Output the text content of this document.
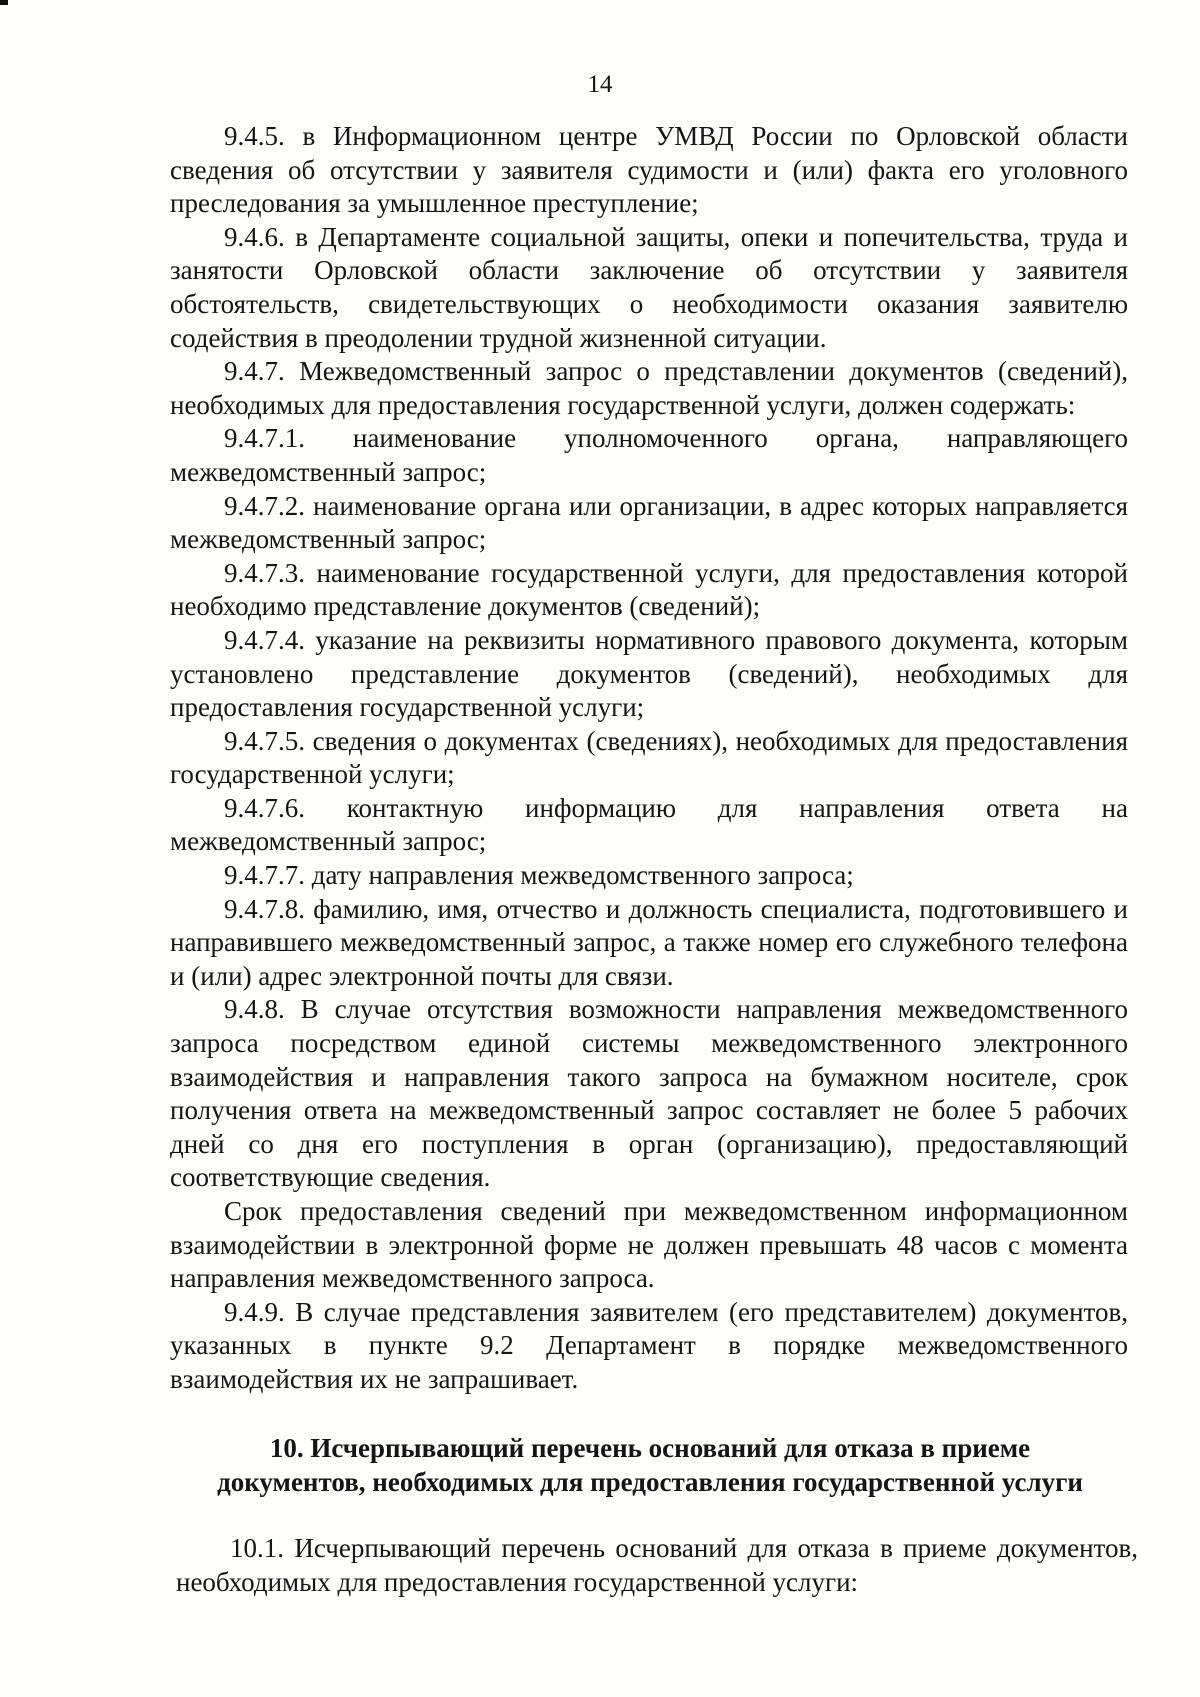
14

9.4.5. в Информационном центре УМВД России по Орловской области сведения об отсутствии у заявителя судимости и (или) факта его уголовного преследования за умышленное преступление;

9.4.6. в Департаменте социальной защиты, опеки и попечительства, труда и занятости Орловской области заключение об отсутствии у заявителя обстоятельств, свидетельствующих о необходимости оказания заявителю содействия в преодолении трудной жизненной ситуации.

9.4.7. Межведомственный запрос о представлении документов (сведений), необходимых для предоставления государственной услуги, должен содержать:

9.4.7.1. наименование уполномоченного органа, направляющего межведомственный запрос;

9.4.7.2. наименование органа или организации, в адрес которых направляется межведомственный запрос;

9.4.7.3. наименование государственной услуги, для предоставления которой необходимо представление документов (сведений);

9.4.7.4. указание на реквизиты нормативного правового документа, которым установлено представление документов (сведений), необходимых для предоставления государственной услуги;

9.4.7.5. сведения о документах (сведениях), необходимых для предоставления государственной услуги;

9.4.7.6. контактную информацию для направления ответа на межведомственный запрос;

9.4.7.7. дату направления межведомственного запроса;

9.4.7.8. фамилию, имя, отчество и должность специалиста, подготовившего и направившего межведомственный запрос, а также номер его служебного телефона и (или) адрес электронной почты для связи.

9.4.8. В случае отсутствия возможности направления межведомственного запроса посредством единой системы межведомственного электронного взаимодействия и направления такого запроса на бумажном носителе, срок получения ответа на межведомственный запрос составляет не более 5 рабочих дней со дня его поступления в орган (организацию), предоставляющий соответствующие сведения.

Срок предоставления сведений при межведомственном информационном взаимодействии в электронной форме не должен превышать 48 часов с момента направления межведомственного запроса.

9.4.9. В случае представления заявителем (его представителем) документов, указанных в пункте 9.2 Департамент в порядке межведомственного взаимодействия их не запрашивает.

10. Исчерпывающий перечень оснований для отказа в приеме
документов, необходимых для предоставления государственной услуги

10.1. Исчерпывающий перечень оснований для отказа в приеме документов, необходимых для предоставления государственной услуги:
